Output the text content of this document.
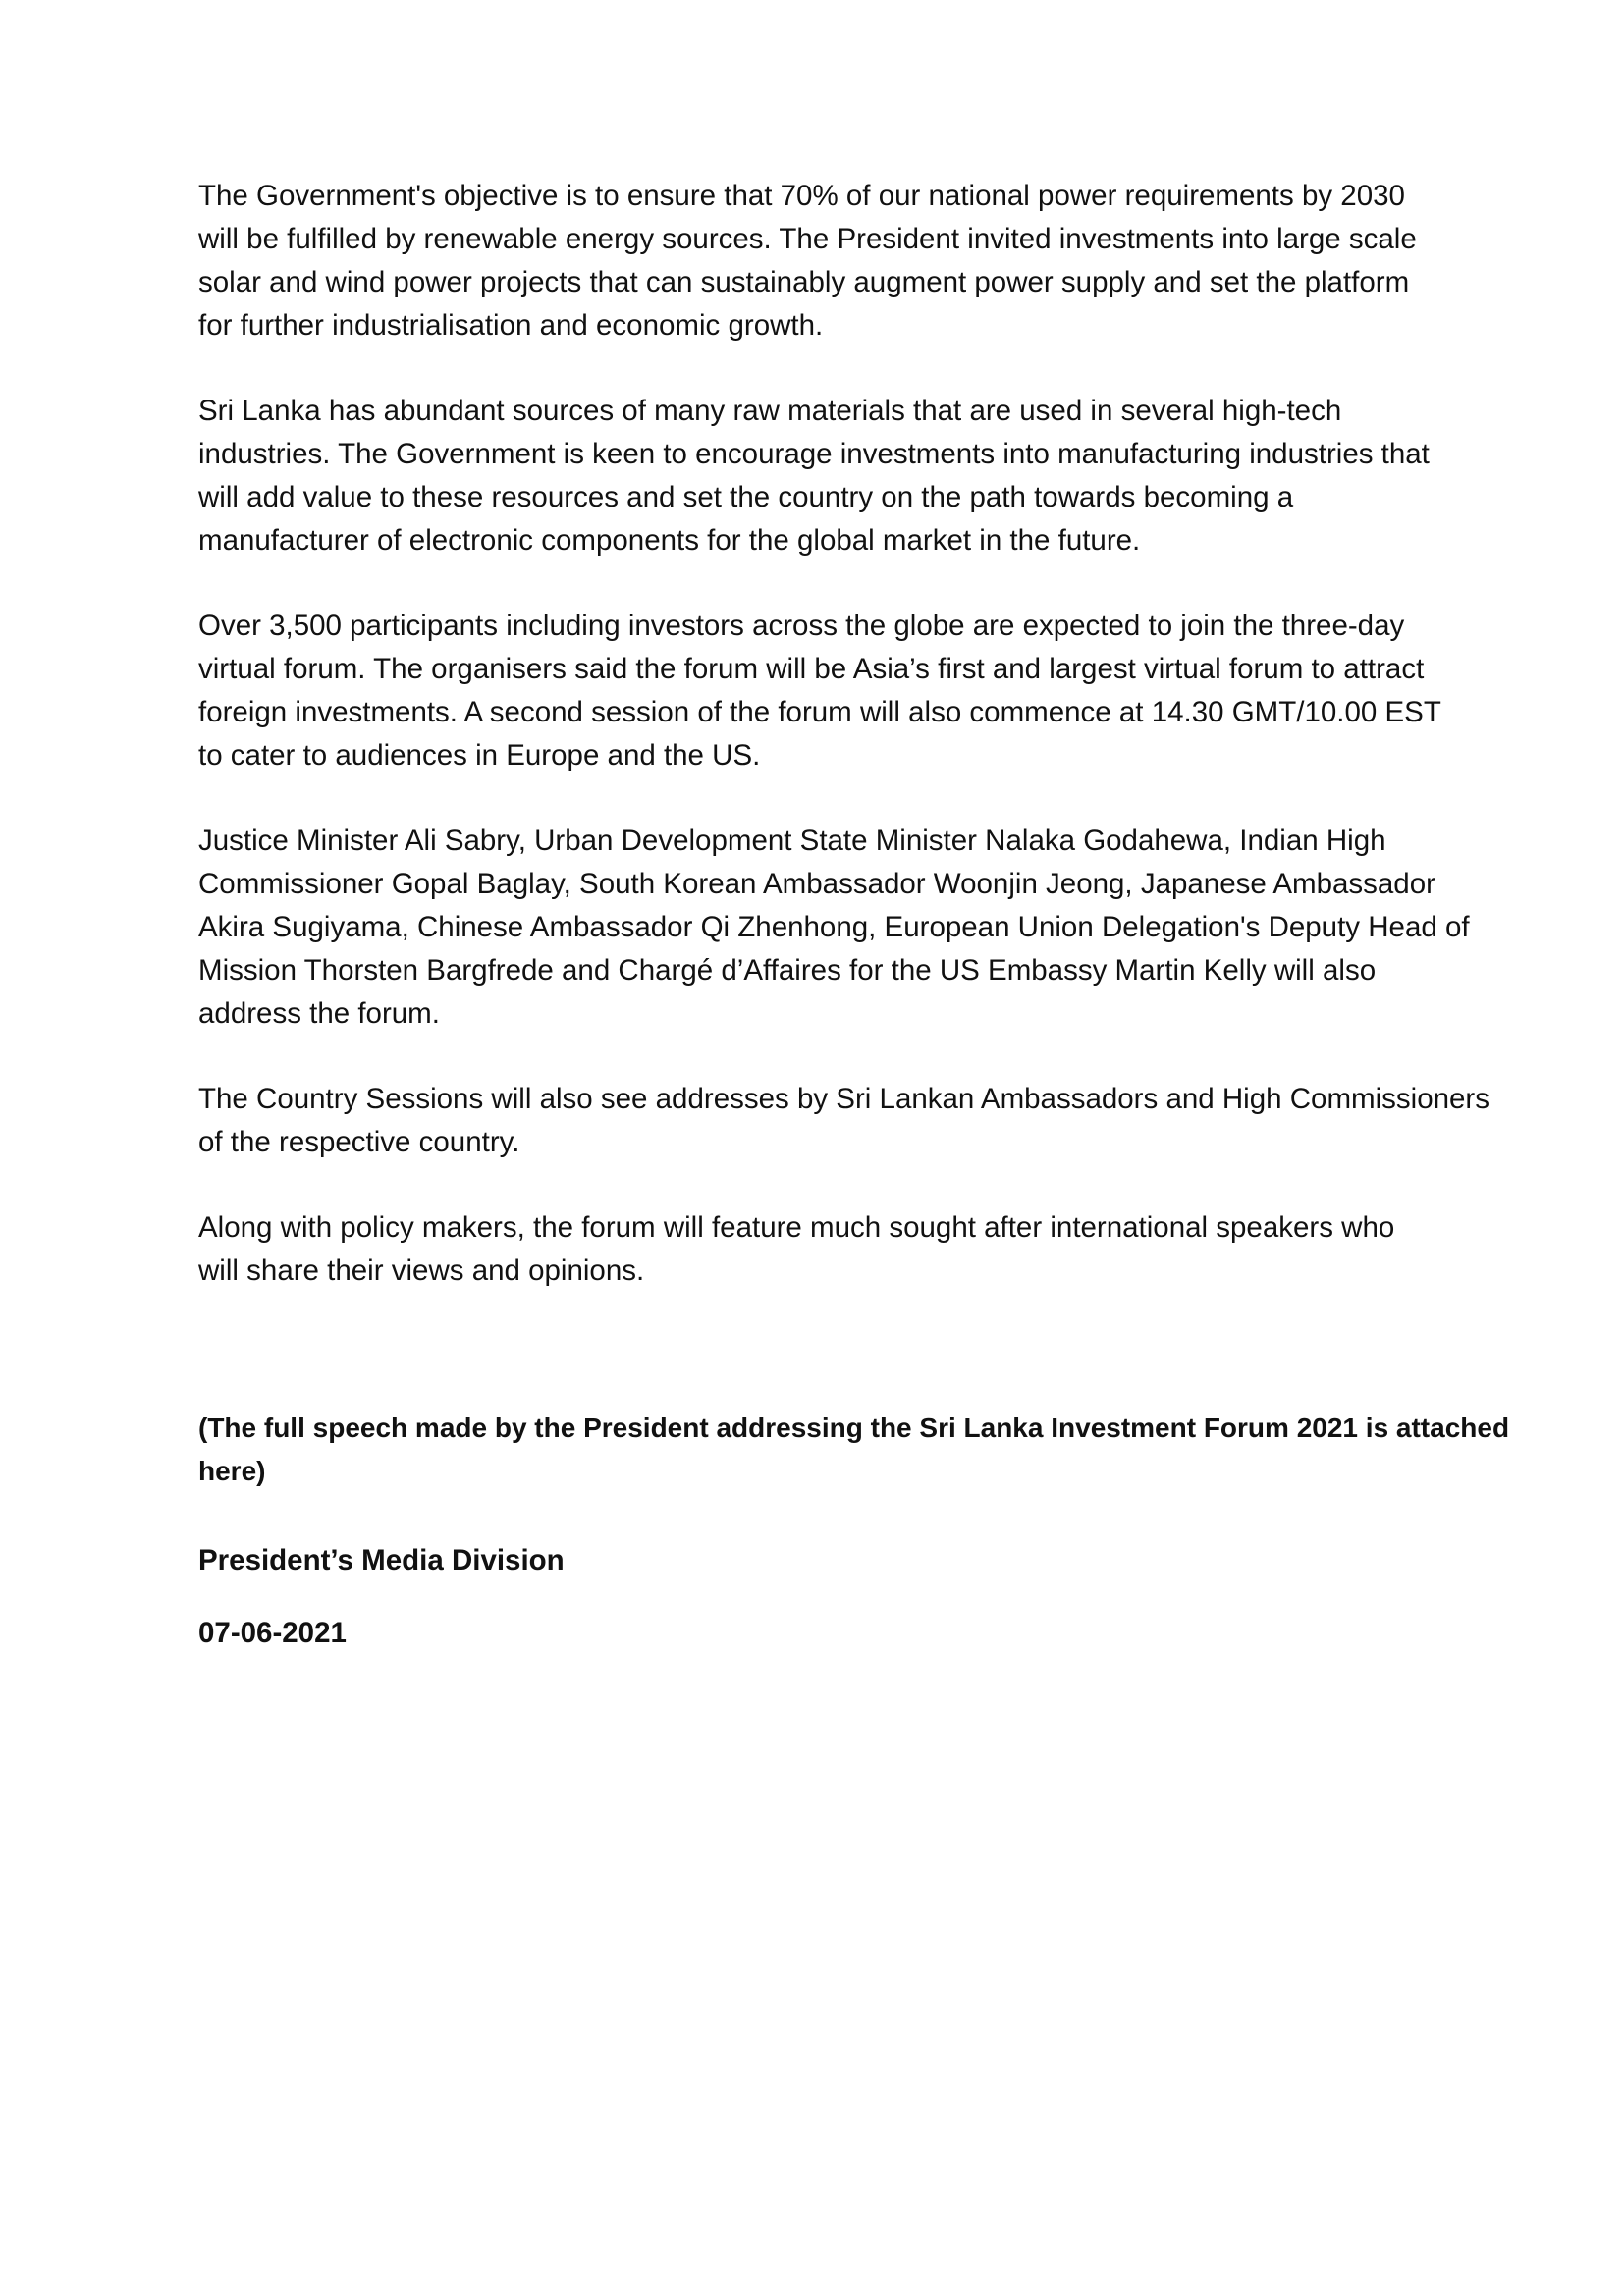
The Government's objective is to ensure that 70% of our national power requirements by 2030
will be fulfilled by renewable energy sources. The President invited investments into large scale
solar and wind power projects that can sustainably augment power supply and set the platform
for further industrialisation and economic growth.

Sri Lanka has abundant sources of many raw materials that are used in several high-tech
industries. The Government is keen to encourage investments into manufacturing industries that
will add value to these resources and set the country on the path towards becoming a
manufacturer of electronic components for the global market in the future.

Over 3,500 participants including investors across the globe are expected to join the three-day
virtual forum. The organisers said the forum will be Asia’s first and largest virtual forum to attract
foreign investments. A second session of the forum will also commence at 14.30 GMT/10.00 EST
to cater to audiences in Europe and the US.

Justice Minister Ali Sabry, Urban Development State Minister Nalaka Godahewa, Indian High
Commissioner Gopal Baglay, South Korean Ambassador Woonjin Jeong, Japanese Ambassador
Akira Sugiyama, Chinese Ambassador Qi Zhenhong, European Union Delegation's Deputy Head of
Mission Thorsten Bargfrede and Chargé d’Affaires for the US Embassy Martin Kelly will also
address the forum.

The Country Sessions will also see addresses by Sri Lankan Ambassadors and High Commissioners
of the respective country.

Along with policy makers, the forum will feature much sought after international speakers who
will share their views and opinions.

(The full speech made by the President addressing the Sri Lanka Investment Forum 2021 is attached
here)

President’s Media Division

07-06-2021
